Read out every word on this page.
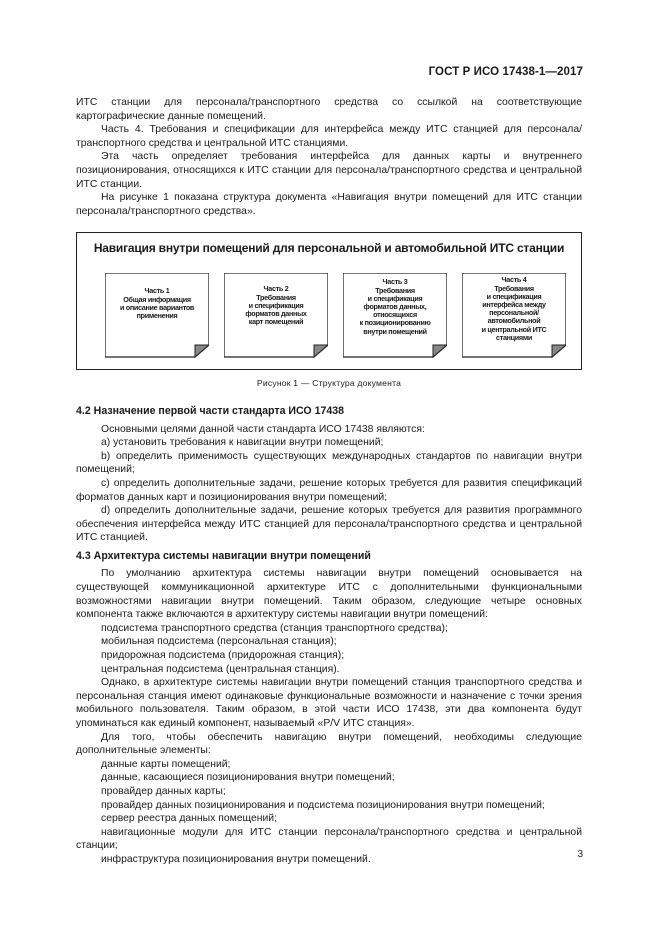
ГОСТ Р ИСО 17438-1—2017

ИТС станции для персонала/транспортного средства со ссылкой на соответствующие картографические данные помещений.

Часть 4. Требования и спецификации для интерфейса между ИТС станцией для персонала/транспортного средства и центральной ИТС станциями.

Эта часть определяет требования интерфейса для данных карты и внутреннего позиционирования, относящихся к ИТС станции для персонала/транспортного средства и центральной ИТС станции.

На рисунке 1 показана структура документа «Навигация внутри помещений для ИТС станции персонала/транспортного средства».

Навигация внутри помещений для персональной и автомобильной ИТС станции
Часть 1
Общая информация
и описание вариантов
применения
Часть 2
Требования
и спецификация
форматов данных
карт помещений
Часть 3
Требования
и спецификация
форматов данных,
относящихся
к позиционированию
внутри помещений
Часть 4
Требования
и спецификация
интерфейса между
персональной/
автомобильной
и центральной ИТС
станциями
Рисунок 1 — Структура документа

4.2 Назначение первой части стандарта ИСО 17438

Основными целями данной части стандарта ИСО 17438 являются:

a) установить требования к навигации внутри помещений;

b) определить применимость существующих международных стандартов по навигации внутри помещений;

c) определить дополнительные задачи, решение которых требуется для развития спецификаций форматов данных карт и позиционирования внутри помещений;

d) определить дополнительные задачи, решение которых требуется для развития программного обеспечения интерфейса между ИТС станцией для персонала/транспортного средства и центральной ИТС станцией.

4.3 Архитектура системы навигации внутри помещений

По умолчанию архитектура системы навигации внутри помещений основывается на существующей коммуникационной архитектуре ИТС с дополнительными функциональными возможностями навигации внутри помещений. Таким образом, следующие четыре основных компонента также включаются в архитектуру системы навигации внутри помещений:

подсистема транспортного средства (станция транспортного средства);

мобильная подсистема (персональная станция);

придорожная подсистема (придорожная станция);

центральная подсистема (центральная станция).

Однако, в архитектуре системы навигации внутри помещений станция транспортного средства и персональная станция имеют одинаковые функциональные возможности и назначение с точки зрения мобильного пользователя. Таким образом, в этой части ИСО 17438, эти два компонента будут упоминаться как единый компонент, называемый «P/V ИТС станция».

Для того, чтобы обеспечить навигацию внутри помещений, необходимы следующие дополнительные элементы:

данные карты помещений;

данные, касающиеся позиционирования внутри помещений;

провайдер данных карты;

провайдер данных позиционирования и подсистема позиционирования внутри помещений;

сервер реестра данных помещений;

навигационные модули для ИТС станции персонала/транспортного средства и центральной станции;

инфраструктура позиционирования внутри помещений.	3
